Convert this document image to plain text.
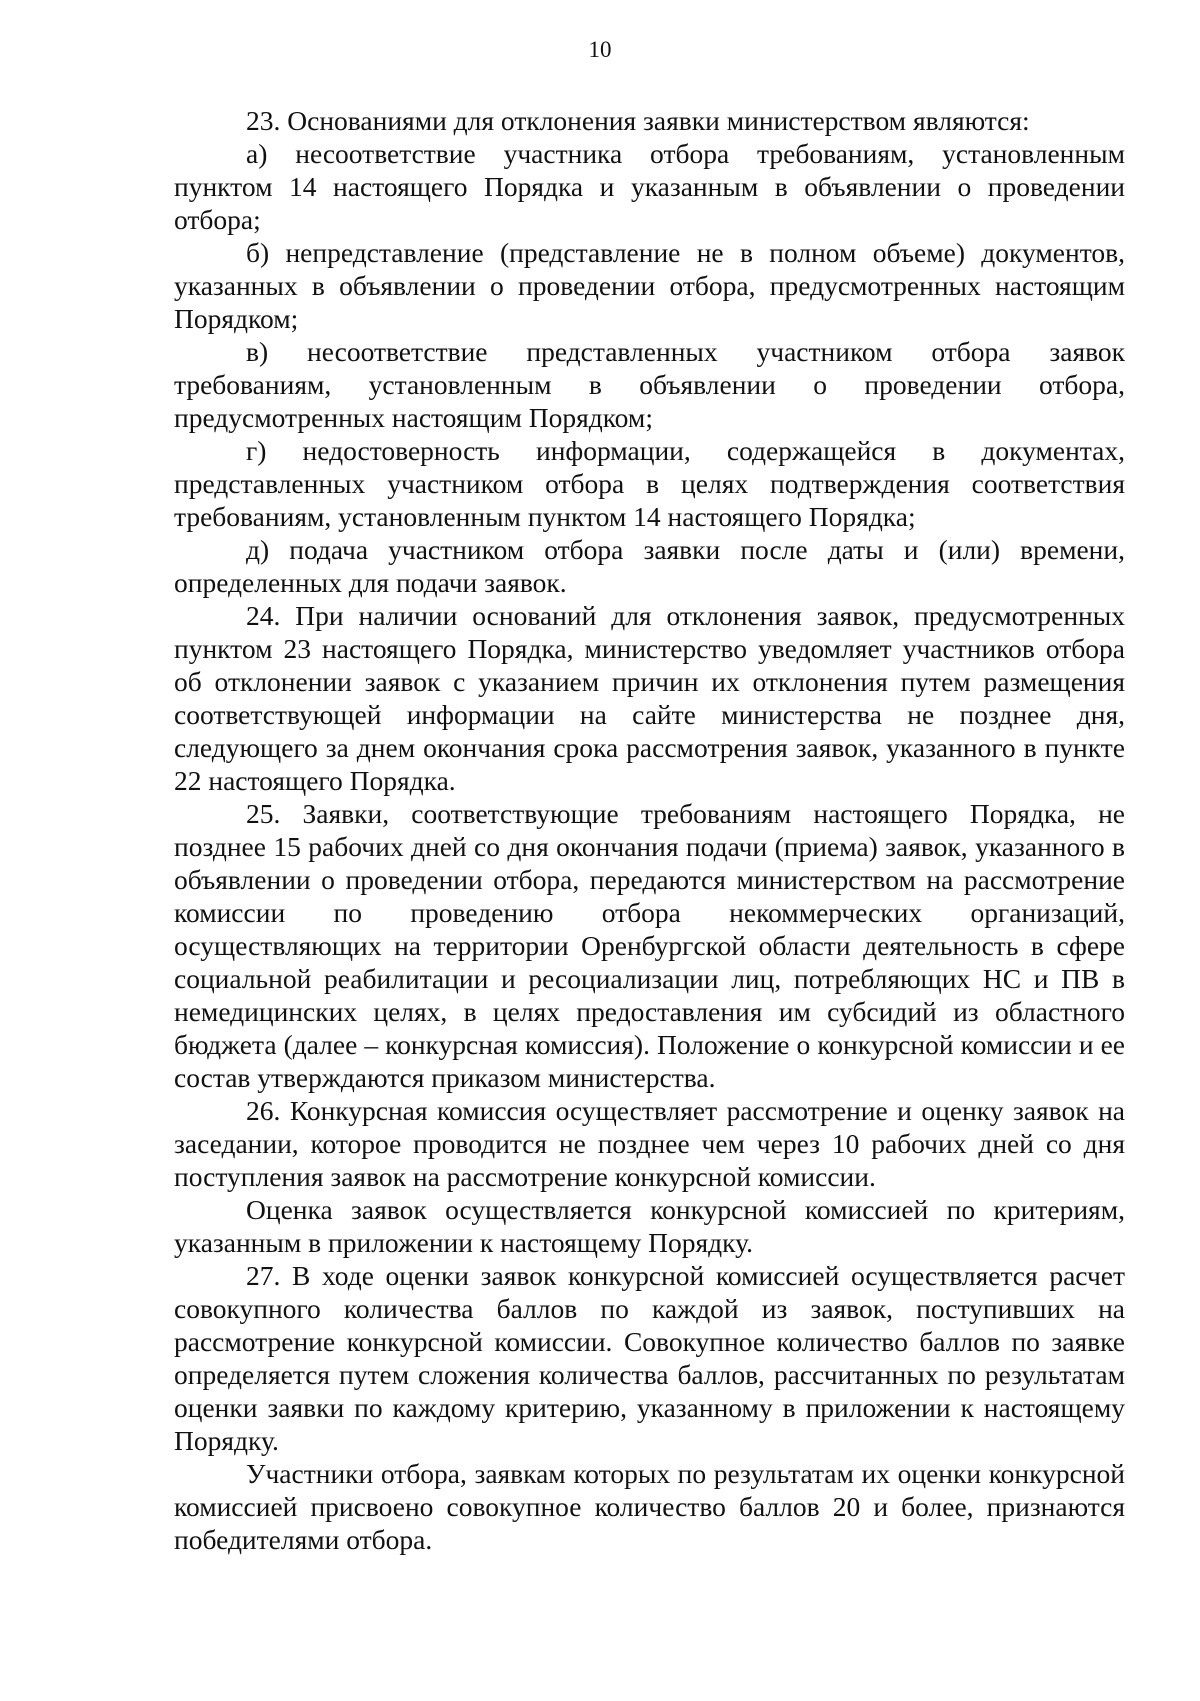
10

23. Основаниями для отклонения заявки министерством являются:

а) несоответствие участника отбора требованиям, установленным пунктом 14 настоящего Порядка и указанным в объявлении о проведении отбора;

б) непредставление (представление не в полном объеме) документов, указанных в объявлении о проведении отбора, предусмотренных настоящим Порядком;

в) несоответствие представленных участником отбора заявок требованиям, установленным в объявлении о проведении отбора, предусмотренных настоящим Порядком;

г) недостоверность информации, содержащейся в документах, представленных участником отбора в целях подтверждения соответствия требованиям, установленным пунктом 14 настоящего Порядка;

д) подача участником отбора заявки после даты и (или) времени, определенных для подачи заявок.

24. При наличии оснований для отклонения заявок, предусмотренных пунктом 23 настоящего Порядка, министерство уведомляет участников отбора об отклонении заявок с указанием причин их отклонения путем размещения соответствующей информации на сайте министерства не позднее дня, следующего за днем окончания срока рассмотрения заявок, указанного в пункте 22 настоящего Порядка.

25. Заявки, соответствующие требованиям настоящего Порядка, не позднее 15 рабочих дней со дня окончания подачи (приема) заявок, указанного в объявлении о проведении отбора, передаются министерством на рассмотрение комиссии по проведению отбора некоммерческих организаций, осуществляющих на территории Оренбургской области деятельность в сфере социальной реабилитации и ресоциализации лиц, потребляющих НС и ПВ в немедицинских целях, в целях предоставления им субсидий из областного бюджета (далее – конкурсная комиссия). Положение о конкурсной комиссии и ее состав утверждаются приказом министерства.

26. Конкурсная комиссия осуществляет рассмотрение и оценку заявок на заседании, которое проводится не позднее чем через 10 рабочих дней со дня поступления заявок на рассмотрение конкурсной комиссии.

Оценка заявок осуществляется конкурсной комиссией по критериям, указанным в приложении к настоящему Порядку.

27. В ходе оценки заявок конкурсной комиссией осуществляется расчет совокупного количества баллов по каждой из заявок, поступивших на рассмотрение конкурсной комиссии. Совокупное количество баллов по заявке определяется путем сложения количества баллов, рассчитанных по результатам оценки заявки по каждому критерию, указанному в приложении к настоящему Порядку.

Участники отбора, заявкам которых по результатам их оценки конкурсной комиссией присвоено совокупное количество баллов 20 и более, признаются победителями отбора.
